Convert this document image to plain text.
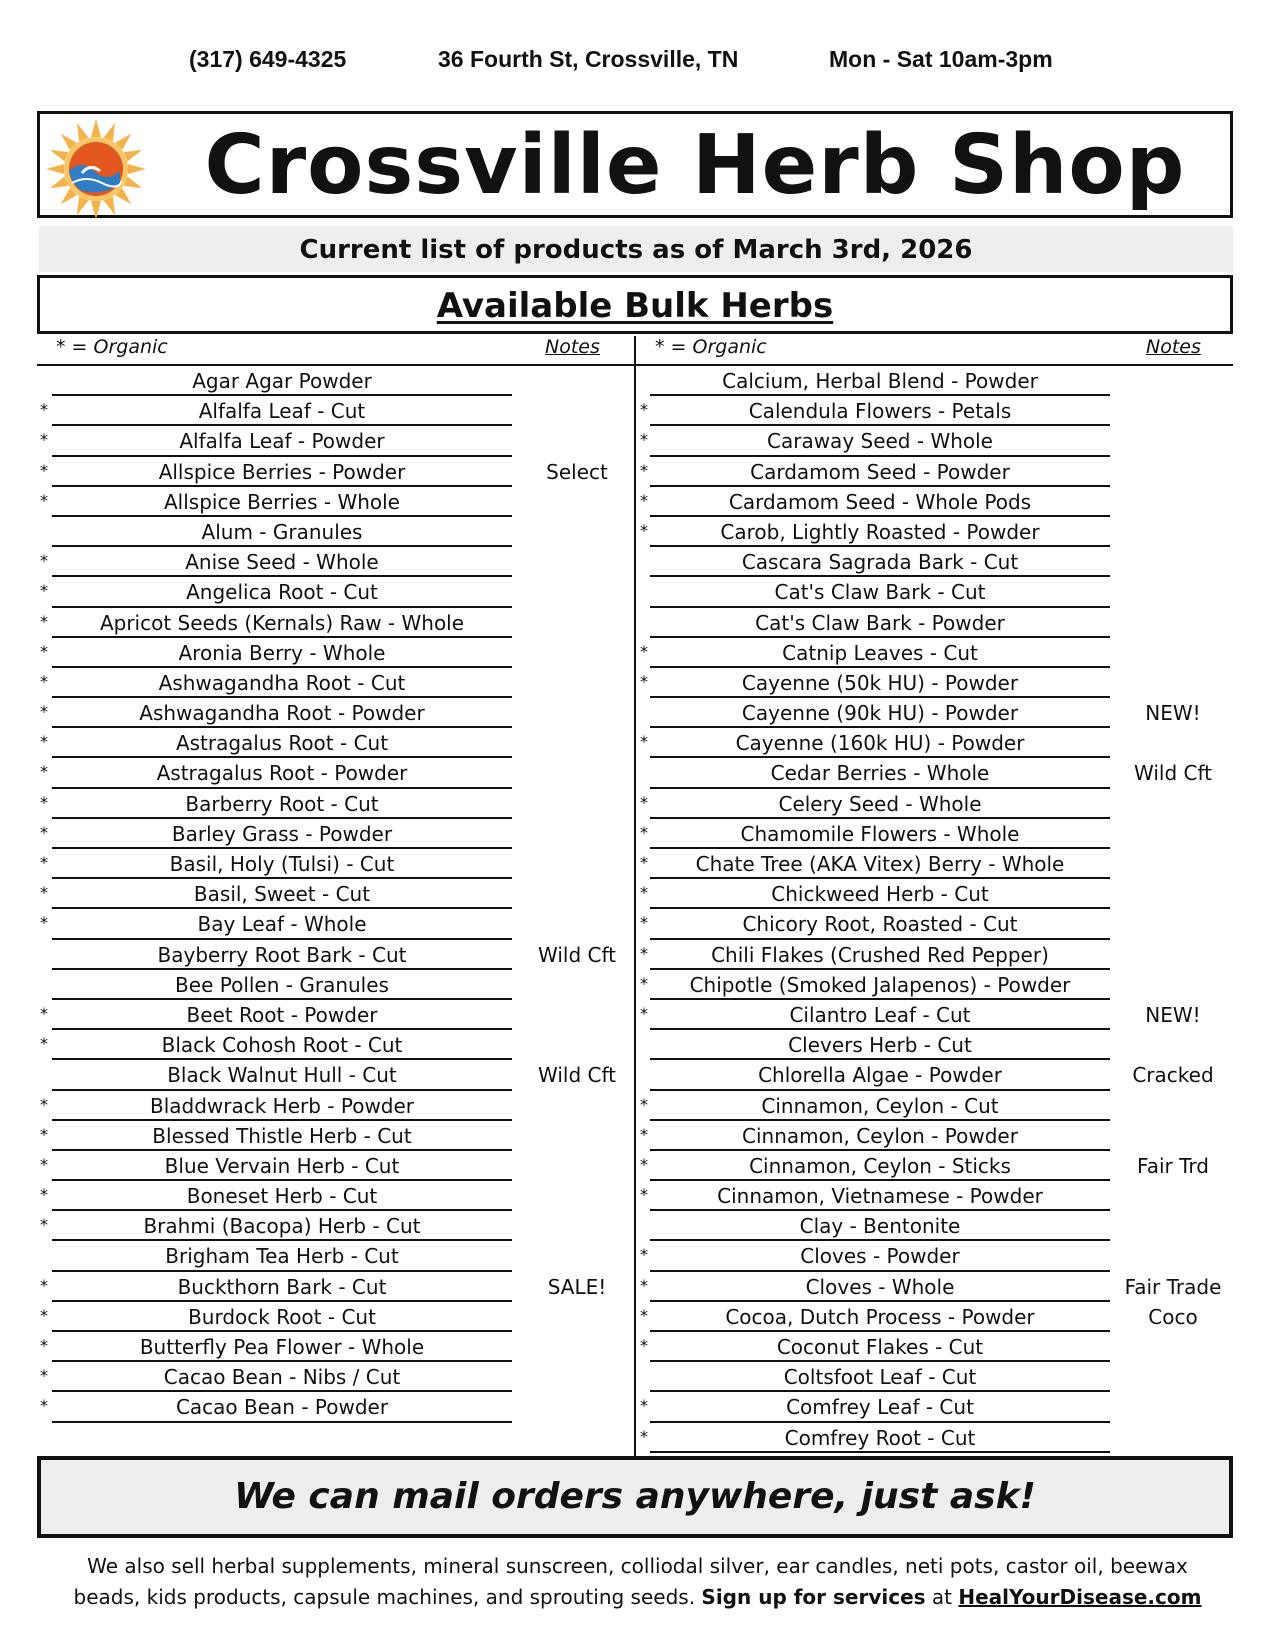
(317) 649-4325	36 Fourth St, Crossville, TN	Mon - Sat 10am-3pm
Crossville Herb Shop
Current list of products as of March 3rd, 2026
Available Bulk Herbs
* = Organic	Notes	* = Organic	Notes
Agar Agar Powder
*	Alfalfa Leaf - Cut
*	Alfalfa Leaf - Powder
*	Allspice Berries - Powder	Select
*	Allspice Berries - Whole
Alum - Granules
*	Anise Seed - Whole
*	Angelica Root - Cut
*	Apricot Seeds (Kernals) Raw - Whole
*	Aronia Berry - Whole
*	Ashwagandha Root - Cut
*	Ashwagandha Root - Powder
*	Astragalus Root - Cut
*	Astragalus Root - Powder
*	Barberry Root - Cut
*	Barley Grass - Powder
*	Basil, Holy (Tulsi) - Cut
*	Basil, Sweet - Cut
*	Bay Leaf - Whole
Bayberry Root Bark - Cut	Wild Cft
Bee Pollen - Granules
*	Beet Root - Powder
*	Black Cohosh Root - Cut
Black Walnut Hull - Cut	Wild Cft
*	Bladdwrack Herb - Powder
*	Blessed Thistle Herb - Cut
*	Blue Vervain Herb - Cut
*	Boneset Herb - Cut
*	Brahmi (Bacopa) Herb - Cut
Brigham Tea Herb - Cut
*	Buckthorn Bark - Cut	SALE!
*	Burdock Root - Cut
*	Butterfly Pea Flower - Whole
*	Cacao Bean - Nibs / Cut
*	Cacao Bean - Powder
Calcium, Herbal Blend - Powder
*	Calendula Flowers - Petals
*	Caraway Seed - Whole
*	Cardamom Seed - Powder
*	Cardamom Seed - Whole Pods
*	Carob, Lightly Roasted - Powder
Cascara Sagrada Bark - Cut
Cat's Claw Bark - Cut
Cat's Claw Bark - Powder
*	Catnip Leaves - Cut
*	Cayenne (50k HU) - Powder
Cayenne (90k HU) - Powder	NEW!
*	Cayenne (160k HU) - Powder
Cedar Berries - Whole	Wild Cft
*	Celery Seed - Whole
*	Chamomile Flowers - Whole
*	Chate Tree (AKA Vitex) Berry - Whole
*	Chickweed Herb - Cut
*	Chicory Root, Roasted - Cut
*	Chili Flakes (Crushed Red Pepper)
*	Chipotle (Smoked Jalapenos) - Powder
*	Cilantro Leaf - Cut	NEW!
Clevers Herb - Cut
Chlorella Algae - Powder	Cracked
*	Cinnamon, Ceylon - Cut
*	Cinnamon, Ceylon - Powder
*	Cinnamon, Ceylon - Sticks	Fair Trd
*	Cinnamon, Vietnamese - Powder
Clay - Bentonite
*	Cloves - Powder
*	Cloves - Whole	Fair Trade
*	Cocoa, Dutch Process - Powder	Coco
*	Coconut Flakes - Cut
Coltsfoot Leaf - Cut
*	Comfrey Leaf - Cut
*	Comfrey Root - Cut
We can mail orders anywhere, just ask!
We also sell herbal supplements, mineral sunscreen, colliodal silver, ear candles, neti pots, castor oil, beewax beads, kids products, capsule machines, and sprouting seeds. Sign up for services at HealYourDisease.com
